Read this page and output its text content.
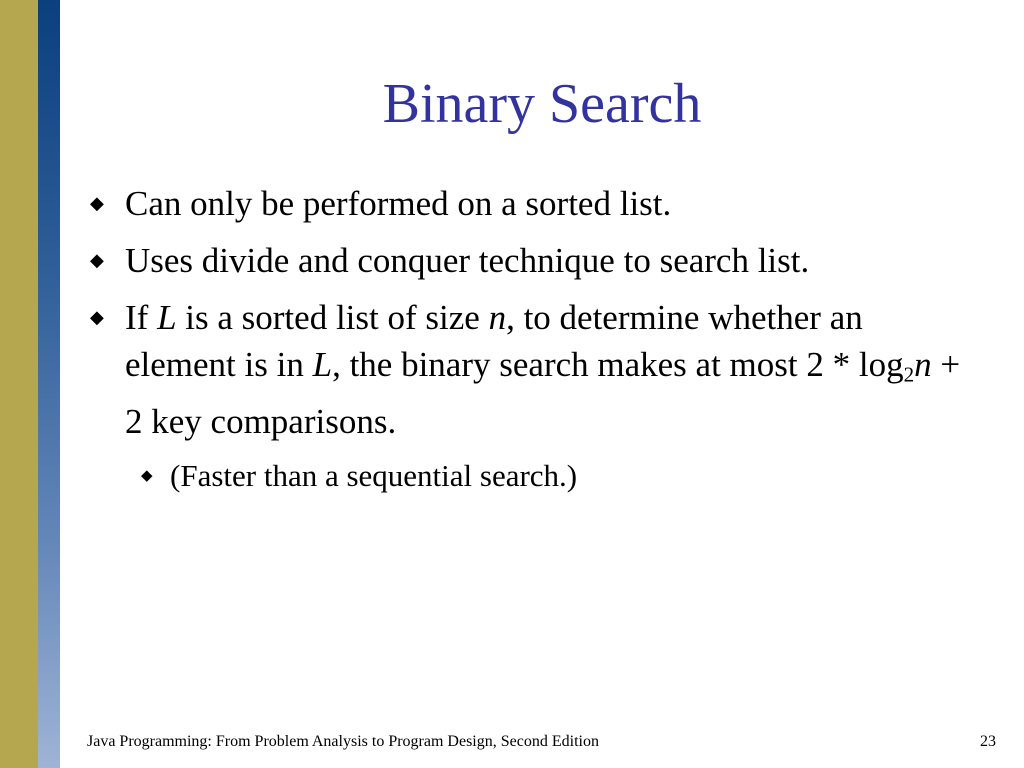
Binary Search
◆ Can only be performed on a sorted list.
◆ Uses divide and conquer technique to search list.
◆ If L is a sorted list of size n, to determine whether an element is in L, the binary search makes at most $2 * \log_2n + 2$ key comparisons.
◆ (Faster than a sequential search.)
Java Programming: From Problem Analysis to Program Design, Second Edition	23
